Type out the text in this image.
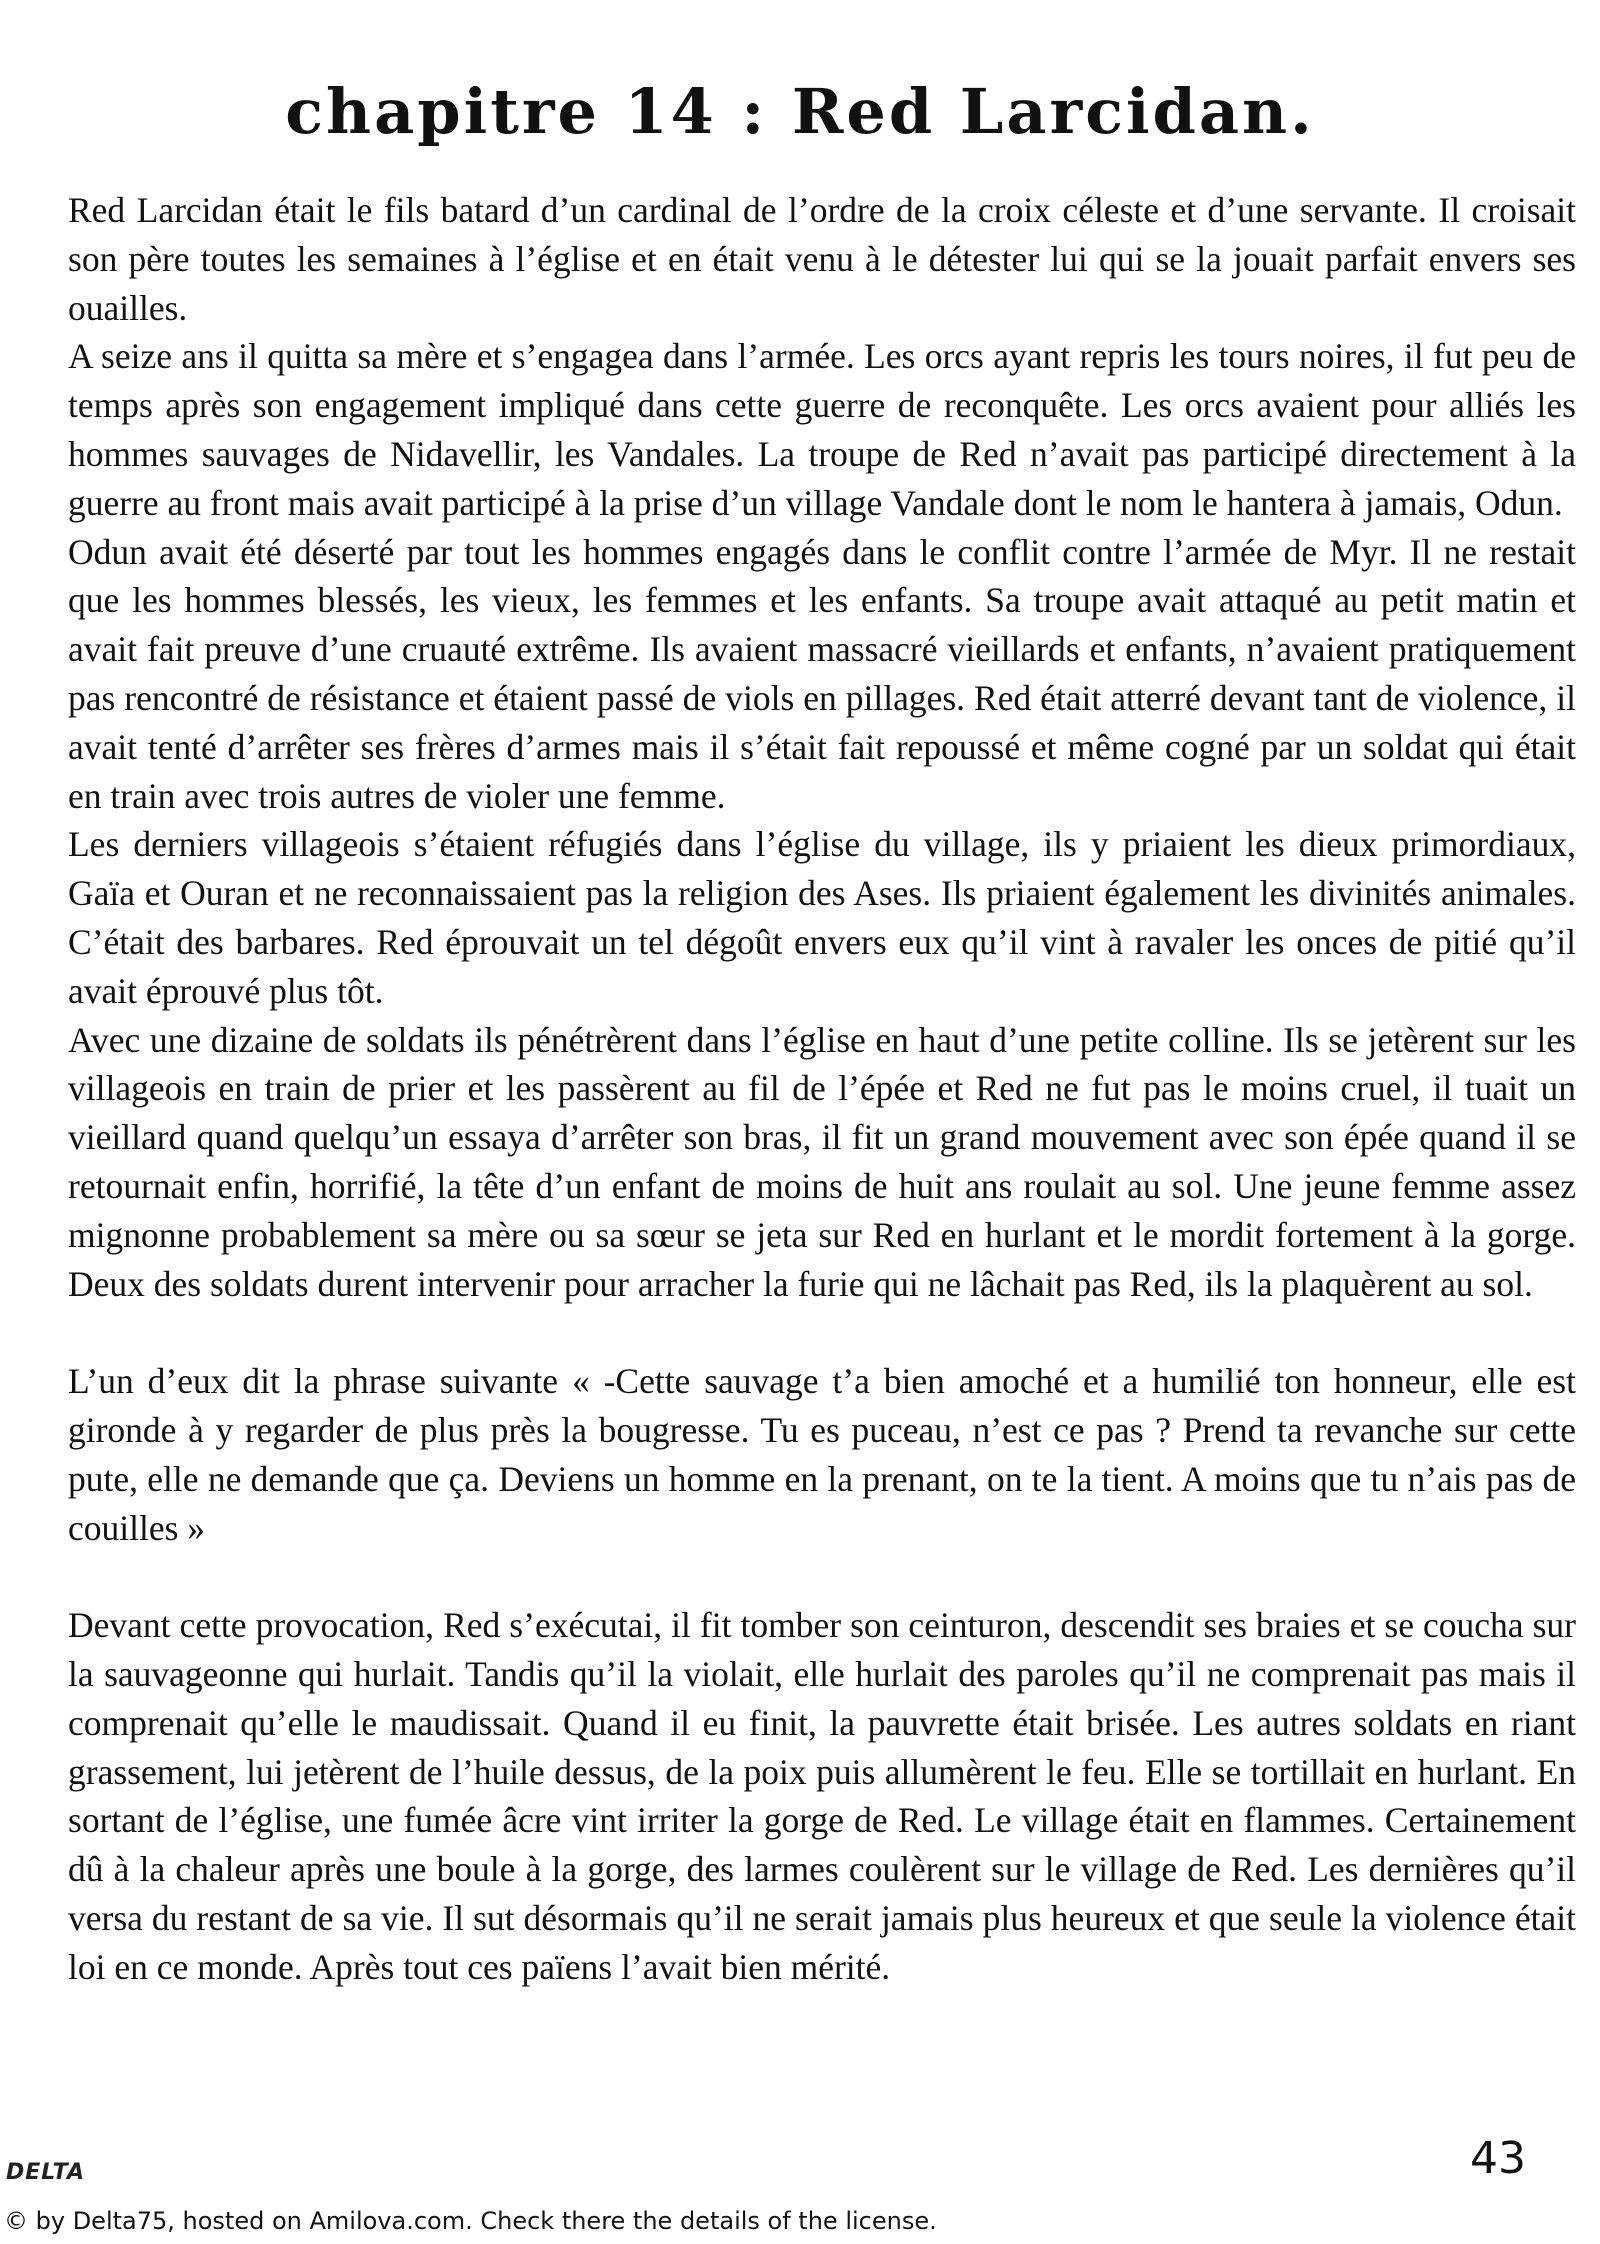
chapitre 14 : Red Larcidan.

Red Larcidan était le fils batard d’un cardinal de l’ordre de la croix céleste et d’une servante. Il croisait son père toutes les semaines à l’église et en était venu à le détester lui qui se la jouait parfait envers ses ouailles.

A seize ans il quitta sa mère et s’engagea dans l’armée. Les orcs ayant repris les tours noires, il fut peu de temps après son engagement impliqué dans cette guerre de reconquête. Les orcs avaient pour alliés les hommes sauvages de Nidavellir, les Vandales. La troupe de Red n’avait pas participé directement à la guerre au front mais avait participé à la prise d’un village Vandale dont le nom le hantera à jamais, Odun.

Odun avait été déserté par tout les hommes engagés dans le conflit contre l’armée de Myr. Il ne restait que les hommes blessés, les vieux, les femmes et les enfants. Sa troupe avait attaqué au petit matin et avait fait preuve d’une cruauté extrême. Ils avaient massacré vieillards et enfants, n’avaient pratiquement pas rencontré de résistance et étaient passé de viols en pillages. Red était atterré devant tant de violence, il avait tenté d’arrêter ses frères d’armes mais il s’était fait repoussé et même cogné par un soldat qui était en train avec trois autres de violer une femme.

Les derniers villageois s’étaient réfugiés dans l’église du village, ils y priaient les dieux primordiaux, Gaïa et Ouran et ne reconnaissaient pas la religion des Ases. Ils priaient également les divinités animales. C’était des barbares. Red éprouvait un tel dégoût envers eux qu’il vint à ravaler les onces de pitié qu’il avait éprouvé plus tôt.

Avec une dizaine de soldats ils pénétrèrent dans l’église en haut d’une petite colline. Ils se jetèrent sur les villageois en train de prier et les passèrent au fil de l’épée et Red ne fut pas le moins cruel, il tuait un vieillard quand quelqu’un essaya d’arrêter son bras, il fit un grand mouvement avec son épée quand il se retournait enfin, horrifié, la tête d’un enfant de moins de huit ans roulait au sol. Une jeune femme assez mignonne probablement sa mère ou sa sœur se jeta sur Red en hurlant et le mordit fortement à la gorge. Deux des soldats durent intervenir pour arracher la furie qui ne lâchait pas Red, ils la plaquèrent au sol.

L’un d’eux dit la phrase suivante « -Cette sauvage t’a bien amoché et a humilié ton honneur, elle est gironde à y regarder de plus près la bougresse. Tu es puceau, n’est ce pas ? Prend ta revanche sur cette pute, elle ne demande que ça. Deviens un homme en la prenant, on te la tient. A moins que tu n’ais pas de couilles »

Devant cette provocation, Red s’exécutai, il fit tomber son ceinturon, descendit ses braies et se coucha sur la sauvageonne qui hurlait. Tandis qu’il la violait, elle hurlait des paroles qu’il ne comprenait pas mais il comprenait qu’elle le maudissait. Quand il eu finit, la pauvrette était brisée. Les autres soldats en riant grassement, lui jetèrent de l’huile dessus, de la poix puis allumèrent le feu. Elle se tortillait en hurlant. En sortant de l’église, une fumée âcre vint irriter la gorge de Red. Le village était en flammes. Certainement dû à la chaleur après une boule à la gorge, des larmes coulèrent sur le village de Red. Les dernières qu’il versa du restant de sa vie. Il sut désormais qu’il ne serait jamais plus heureux et que seule la violence était loi en ce monde. Après tout ces païens l’avait bien mérité.

43
DELTA
© by Delta75, hosted on Amilova.com. Check there the details of the license.
